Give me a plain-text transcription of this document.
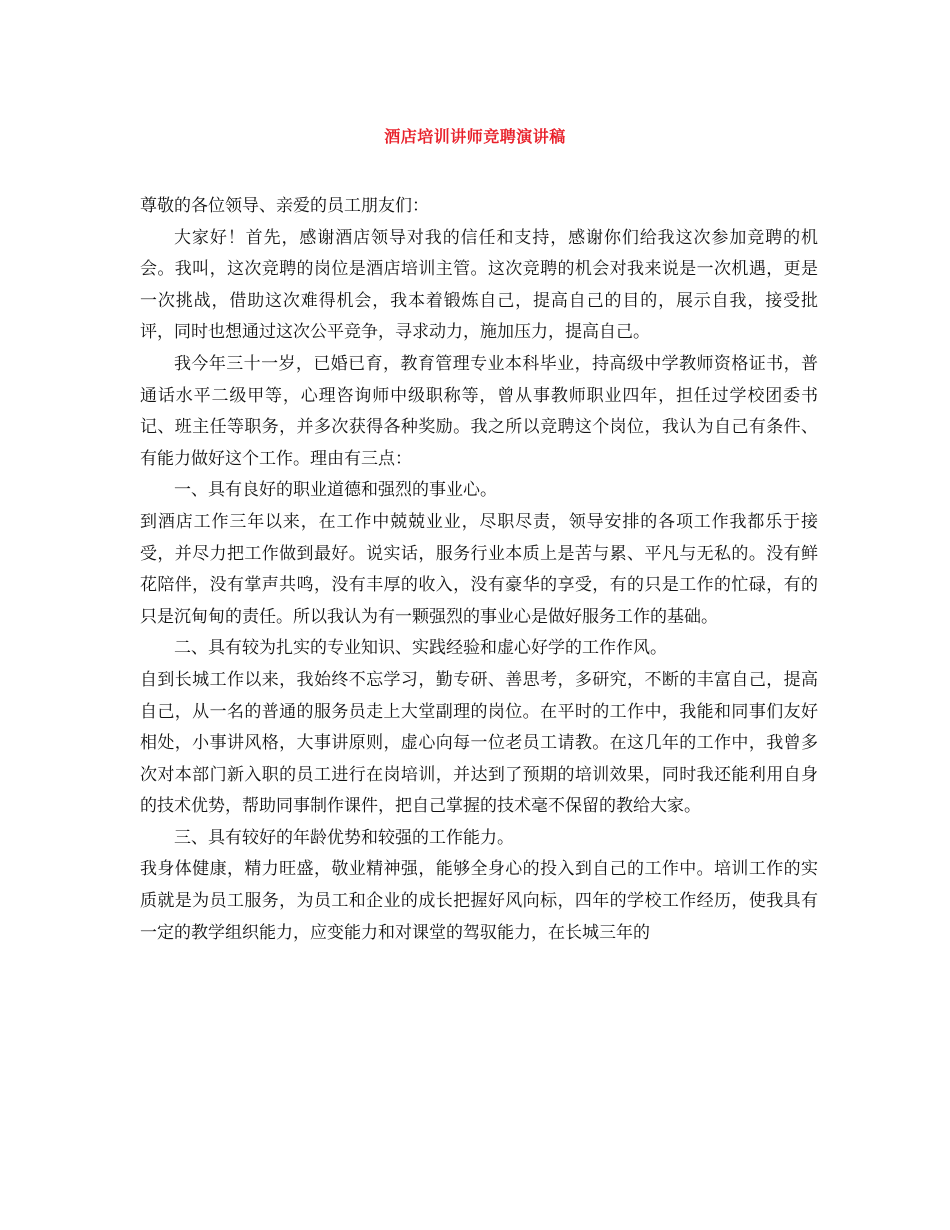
酒店培训讲师竞聘演讲稿

尊敬的各位领导、亲爱的员工朋友们：

大家好！首先，感谢酒店领导对我的信任和支持，感谢你们给我这次参加竞聘的机会。我叫，这次竞聘的岗位是酒店培训主管。这次竞聘的机会对我来说是一次机遇，更是一次挑战，借助这次难得机会，我本着锻炼自己，提高自己的目的，展示自我，接受批评，同时也想通过这次公平竞争，寻求动力，施加压力，提高自己。

我今年三十一岁，已婚已育，教育管理专业本科毕业，持高级中学教师资格证书，普通话水平二级甲等，心理咨询师中级职称等，曾从事教师职业四年，担任过学校团委书记、班主任等职务，并多次获得各种奖励。我之所以竞聘这个岗位，我认为自己有条件、有能力做好这个工作。理由有三点：

一、具有良好的职业道德和强烈的事业心。

到酒店工作三年以来，在工作中兢兢业业，尽职尽责，领导安排的各项工作我都乐于接受，并尽力把工作做到最好。说实话，服务行业本质上是苦与累、平凡与无私的。没有鲜花陪伴，没有掌声共鸣，没有丰厚的收入，没有豪华的享受，有的只是工作的忙碌，有的只是沉甸甸的责任。所以我认为有一颗强烈的事业心是做好服务工作的基础。

二、具有较为扎实的专业知识、实践经验和虚心好学的工作作风。

自到长城工作以来，我始终不忘学习，勤专研、善思考，多研究，不断的丰富自己，提高自己，从一名的普通的服务员走上大堂副理的岗位。在平时的工作中，我能和同事们友好相处，小事讲风格，大事讲原则，虚心向每一位老员工请教。在这几年的工作中，我曾多次对本部门新入职的员工进行在岗培训，并达到了预期的培训效果，同时我还能利用自身的技术优势，帮助同事制作课件，把自己掌握的技术毫不保留的教给大家。

三、具有较好的年龄优势和较强的工作能力。

我身体健康，精力旺盛，敬业精神强，能够全身心的投入到自己的工作中。培训工作的实质就是为员工服务，为员工和企业的成长把握好风向标，四年的学校工作经历，使我具有一定的教学组织能力，应变能力和对课堂的驾驭能力，在长城三年的
